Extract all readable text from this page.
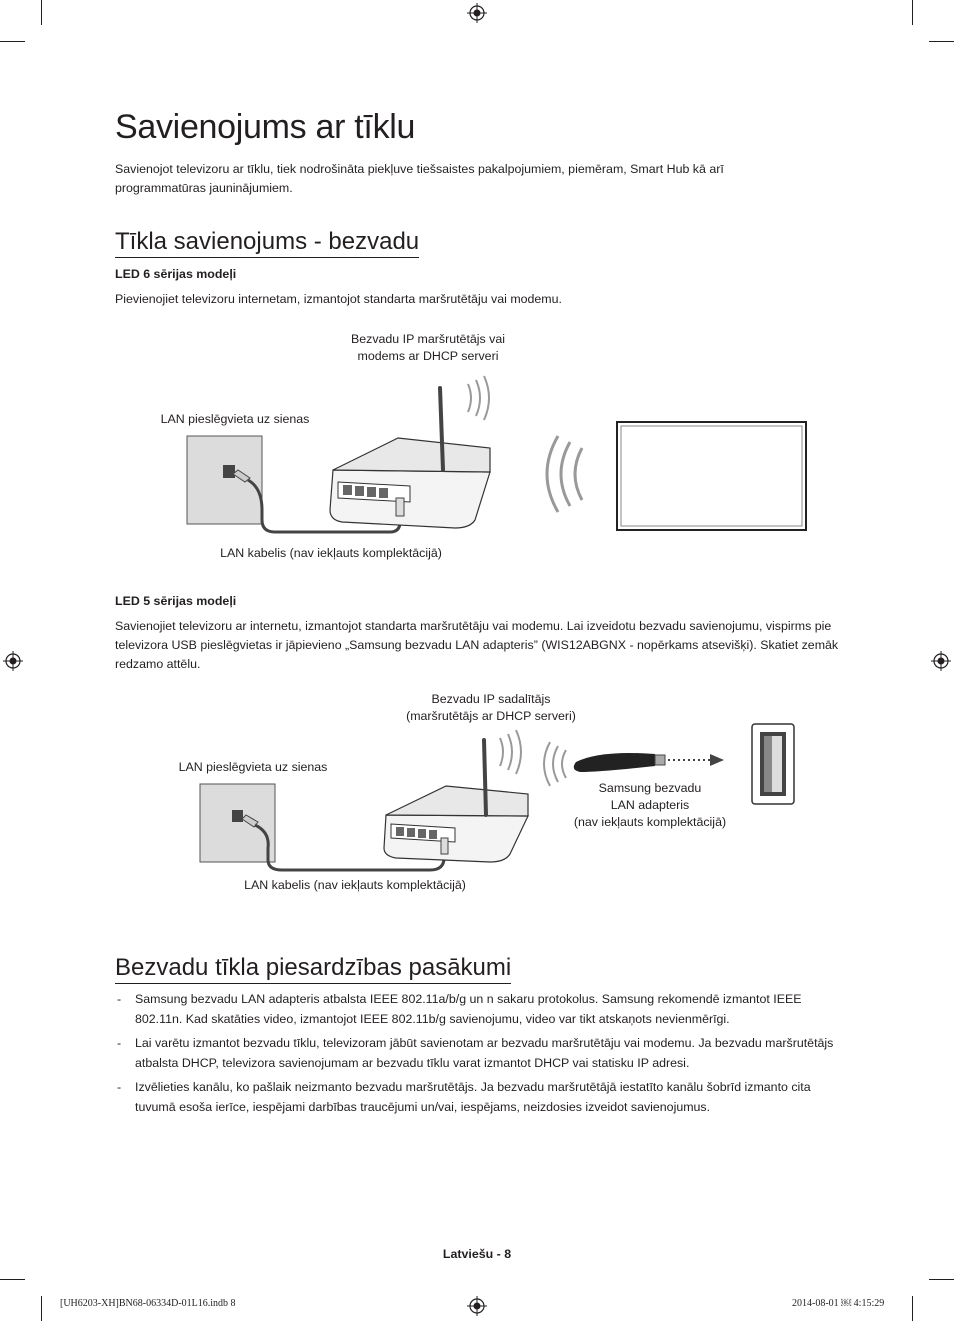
Savienojums ar tīklu

Savienojot televizoru ar tīklu, tiek nodrošināta piekļuve tiešsaistes pakalpojumiem, piemēram, Smart Hub kā arī programmatūras jauninājumiem.

Tīkla savienojums - bezvadu

LED 6 sērijas modeļi

Pievienojiet televizoru internetam, izmantojot standarta maršrutētāju vai modemu.

Bezvadu IP maršrutētājs vai
modems ar DHCP serveri
LAN pieslēgvieta uz sienas
LAN kabelis (nav iekļauts komplektācijā)

LED 5 sērijas modeļi

Savienojiet televizoru ar internetu, izmantojot standarta maršrutētāju vai modemu. Lai izveidotu bezvadu savienojumu, vispirms pie televizora USB pieslēgvietas ir jāpievieno „Samsung bezvadu LAN adapteris” (WIS12ABGNX - nopērkams atsevišķi). Skatiet zemāk redzamo attēlu.

Bezvadu IP sadalītājs
(maršrutētājs ar DHCP serveri)
LAN pieslēgvieta uz sienas
Samsung bezvadu
LAN adapteris
(nav iekļauts komplektācijā)
LAN kabelis (nav iekļauts komplektācijā)
Bezvadu tīkla piesardzības pasākumi
- Samsung bezvadu LAN adapteris atbalsta IEEE 802.11a/b/g un n sakaru protokolus. Samsung rekomendē izmantot IEEE 802.11n. Kad skatāties video, izmantojot IEEE 802.11b/g savienojumu, video var tikt atskaņots nevienmērīgi.
- Lai varētu izmantot bezvadu tīklu, televizoram jābūt savienotam ar bezvadu maršrutētāju vai modemu. Ja bezvadu maršrutētājs atbalsta DHCP, televizora savienojumam ar bezvadu tīklu varat izmantot DHCP vai statisku IP adresi.
- Izvēlieties kanālu, ko pašlaik neizmanto bezvadu maršrutētājs. Ja bezvadu maršrutētājā iestatīto kanālu šobrīd izmanto cita tuvumā esoša ierīce, iespējami darbības traucējumi un/vai, iespējams, neizdosies izveidot savienojumus.
Latviešu - 8
[UH6203-XH]BN68-06334D-01L16.indb 8	2014-08-01 ￼ 4:15:29
